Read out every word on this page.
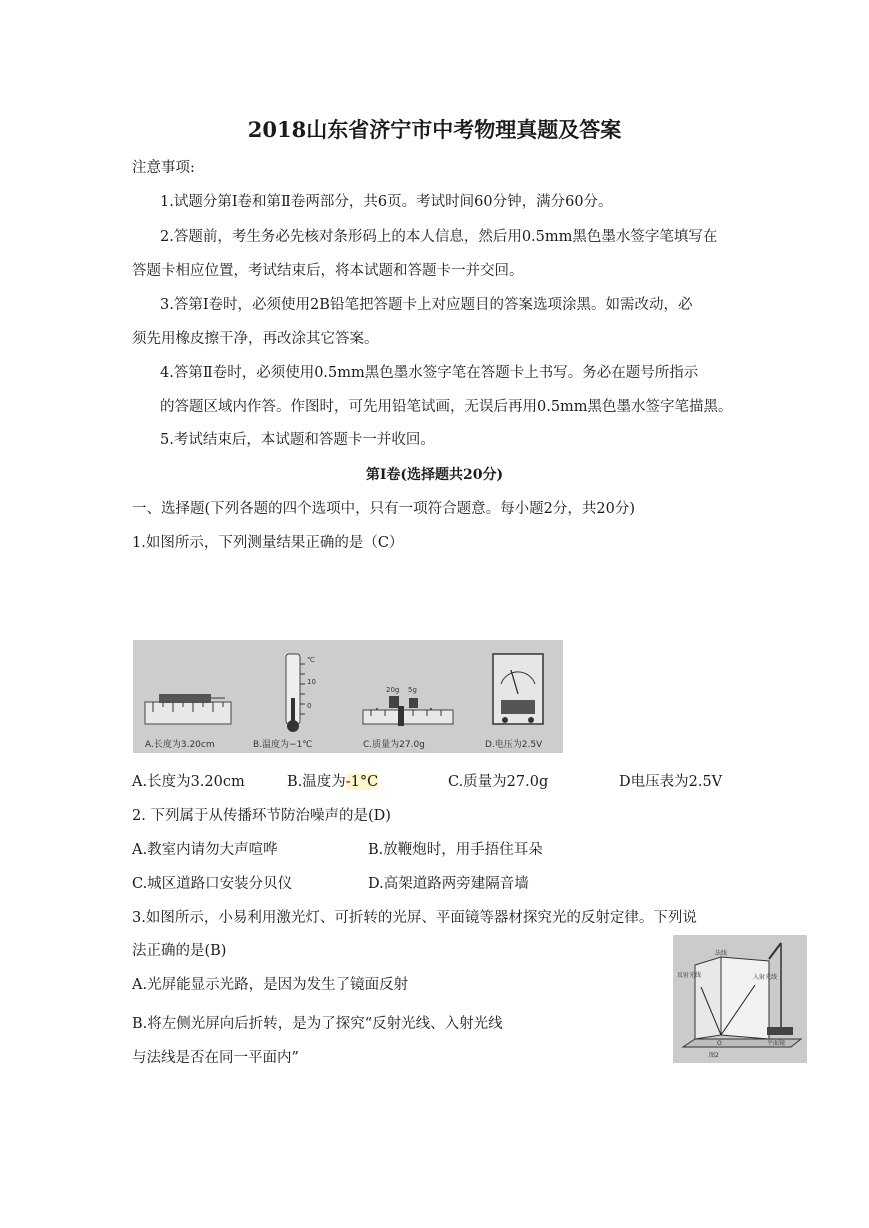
2018山东省济宁市中考物理真题及答案
注意事项:
1.试题分第Ⅰ卷和第Ⅱ卷两部分，共6页。考试时间60分钟，满分60分。
2.答题前，考生务必先核对条形码上的本人信息，然后用0.5mm黑色墨水签字笔填写在
答题卡相应位置，考试结束后，将本试题和答题卡一并交回。
3.答第Ⅰ卷时，必须使用2B铅笔把答题卡上对应题目的答案选项涂黑。如需改动，必
须先用橡皮擦干净，再改涂其它答案。
4.答第Ⅱ卷时，必须使用0.5mm黑色墨水签字笔在答题卡上书写。务必在题号所指示
的答题区域内作答。作图时，可先用铅笔试画，无误后再用0.5mm黑色墨水签字笔描黑。
5.考试结束后，本试题和答题卡一并收回。
第Ⅰ卷(选择题共20分)
一、选择题(下列各题的四个选项中，只有一项符合题意。每小题2分，共20分)
1.如图所示，下列测量结果正确的是（C）
℃
10
0
20g 5g
A.长度为3.20cm	B.温度为−1℃	C.质量为27.0g	D.电压为2.5V
A.长度为3.20cm	B.温度为-1°C	C.质量为27.0g	D电压表为2.5V
2. 下列属于从传播环节防治噪声的是(D)
A.教室内请勿大声喧哗	B.放鞭炮时，用手捂住耳朵
C.城区道路口安装分贝仪	D.高架道路两旁建隔音墙
3.如图所示，小易利用激光灯、可折转的光屏、平面镜等器材探究光的反射定律。下列说
法正确的是(B)
A.光屏能显示光路，是因为发生了镜面反射
B.将左侧光屏向后折转，是为了探究“反射光线、入射光线
与法线是否在同一平面内”
反射光线
法线
入射光线
O	平面镜
图2
